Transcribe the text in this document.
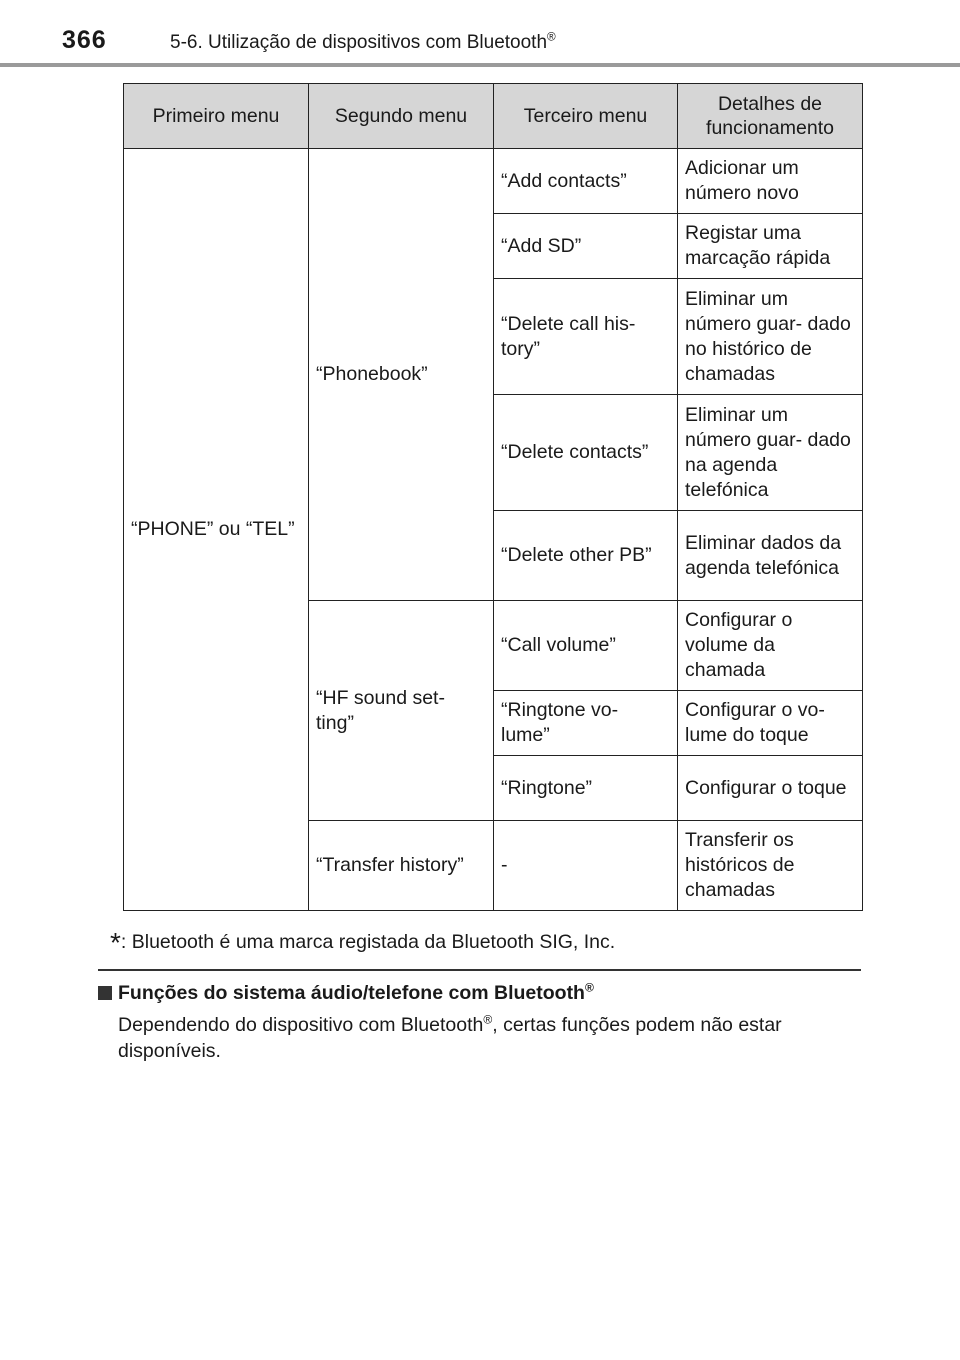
366	5-6. Utilização de dispositivos com Bluetooth®
Primeiro menu	Segundo menu	Terceiro menu	Detalhes de funcionamento
“PHONE” ou “TEL”	“Phonebook”	“Add contacts”	Adicionar um número novo
		“Add SD”	Registar uma marcação rápida
		“Delete call his- tory”	Eliminar um número guar- dado no histórico de chamadas
		“Delete contacts”	Eliminar um número guar- dado na agenda telefónica
		“Delete other PB”	Eliminar dados da agenda telefónica
	“HF sound set- ting”	“Call volume”	Configurar o volume da chamada
		“Ringtone vo- lume”	Configurar o vo- lume do toque
		“Ringtone”	Configurar o toque
	“Transfer history”	-	Transferir os históricos de chamadas
*: Bluetooth é uma marca registada da Bluetooth SIG, Inc.
Funções do sistema áudio/telefone com Bluetooth®
Dependendo do dispositivo com Bluetooth®, certas funções podem não estar disponíveis.
